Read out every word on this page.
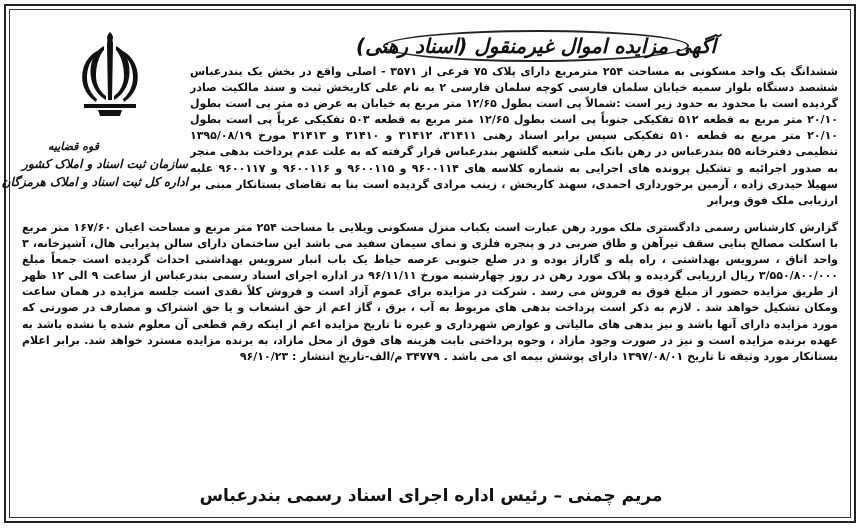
آگهی مزایده اموال غیرمنقول (اسناد رهنی)
قوه قضاییه
سازمان ثبت اسناد و املاک کشور
اداره کل ثبت اسناد و املاک هرمزگان
ششدانگ یک واحد مسکونی به مساحت ۲۵۴ مترمربع دارای پلاک ۷۵ فرعی از ۳۵۷۱ - اصلی واقع در بخش یک بندرعباس ششصد دستگاه بلوار سمیه خیابان سلمان فارسی کوچه سلمان فارسی ۲ به نام علی کاربخش ثبت و سند مالکیت صادر گردیده است با محدود به حدود زیر است :شمالاً پی است بطول ۱۲/۶۵ متر مربع به خیابان به عرض ده متر پی است بطول ۲۰/۱۰ متر مربع به قطعه ۵۱۲ تفکیکی جنوباً پی است بطول ۱۲/۶۵ متر مربع به قطعه ۵۰۳ تفکیکی غرباً پی است بطول ۲۰/۱۰ متر مربع به قطعه ۵۱۰ تفکیکی سپس برابر اسناد رهنی ۳۱۴۱۱، ۳۱۴۱۲ و ۳۱۴۱۰ و ۳۱۴۱۳ مورخ ۱۳۹۵/۰۸/۱۹ تنظیمی دفترخانه ۵۵ بندرعباس در رهن بانک ملی شعبه گلشهر بندرعباس قرار گرفته که به علت عدم پرداخت بدهی منجر به صدور اجرائیه و تشکیل پرونده های اجرایی به شماره کلاسه های ۹۶۰۰۱۱۴ و ۹۶۰۰۱۱۵ و ۹۶۰۰۱۱۶ و ۹۶۰۰۱۱۷ علیه سهیلا حیدری زاده ، آرمین برخورداری احمدی، سهند کاربخش ، زینب مرادی گردیده است بنا به تقاضای بستانکار مبنی بر ارزیابی ملک فوق وبرابر
گزارش کارشناس رسمی دادگستری ملک مورد رهن عبارت است یکباب منزل مسکونی ویلایی با مساحت ۲۵۴ متر مربع و مساحت اعیان ۱۶۷/۶۰ متر مربع با اسکلت مصالح بنایی سقف تیرآهن و طاق ضربی در و پنجره فلزی و نمای سیمان سفید می باشد این ساختمان دارای سالن پذیرایی هال، آشپزخانه، ۳ واحد اتاق ، سرویس بهداشتی ، راه پله و گاراژ بوده و در ضلع جنوبی عرصه حیاط یک باب انبار سرویس بهداشتی احداث گردیده است جمعاً مبلغ ۳/۵۵۰/۸۰۰/۰۰۰ ریال ارزیابی گردیده و پلاک مورد رهن در روز چهارشنبه مورخ ۹۶/۱۱/۱۱ در اداره اجرای اسناد رسمی بندرعباس از ساعت ۹ الی ۱۲ ظهر از طریق مزایده حضور از مبلغ فوق به فروش می رسد . شرکت در مزایده برای عموم آزاد است و فروش کلاً نقدی است جلسه مزایده در همان ساعت ومکان تشکیل خواهد شد . لازم به ذکر است پرداخت بدهی های مربوط به آب ، برق ، گاز اعم از حق انشعاب و یا حق اشتراک و مصارف در صورتی که مورد مزایده دارای آنها باشد و نیز بدهی های مالیاتی و عوارض شهرداری و غیره تا تاریخ مزایده اعم از اینکه رقم قطعی آن معلوم شده یا نشده باشد به عهده برنده مزایده است و نیز در صورت وجود مازاد ، وجوه پرداختی بابت هزینه های فوق از محل مازاد، به برنده مزایده مسترد خواهد شد. برابر اعلام بستانکار مورد وثیقه تا تاریخ ۱۳۹۷/۰۸/۰۱ دارای پوشش بیمه ای می باشد . ۳۴۷۷۹ م/الف-تاریخ انتشار : ۹۶/۱۰/۲۳
مریم چمنی – رئیس اداره اجرای اسناد رسمی بندرعباس
